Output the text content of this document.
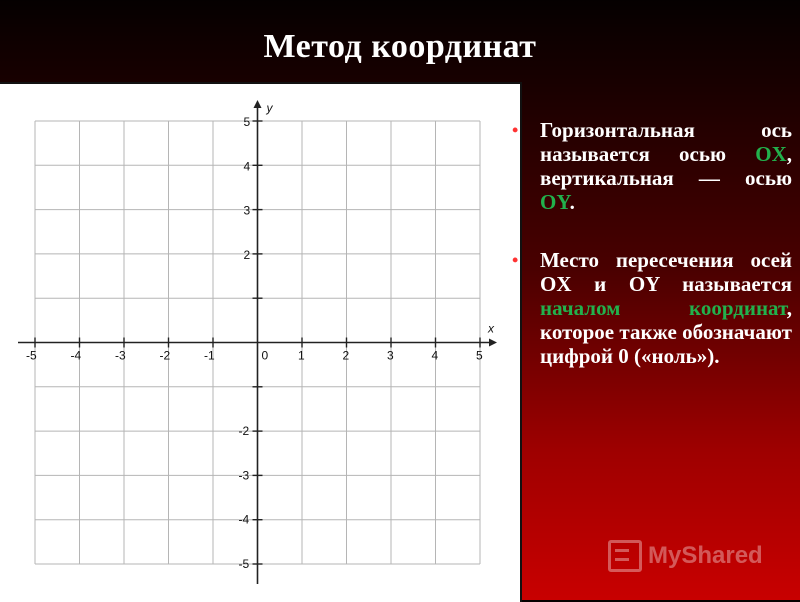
Метод координат
x
y
-5	-4	-3	-2	-1	0 1	2	3	4	5
5
4
3
2
-2
-3
-4
-5
• Горизонтальная ось называется осью OX, вертикальная — осью OY.
• Место пересечения осей OX и OY называется началом координат, которое также обозначают цифрой 0 («ноль»).
MyShared
